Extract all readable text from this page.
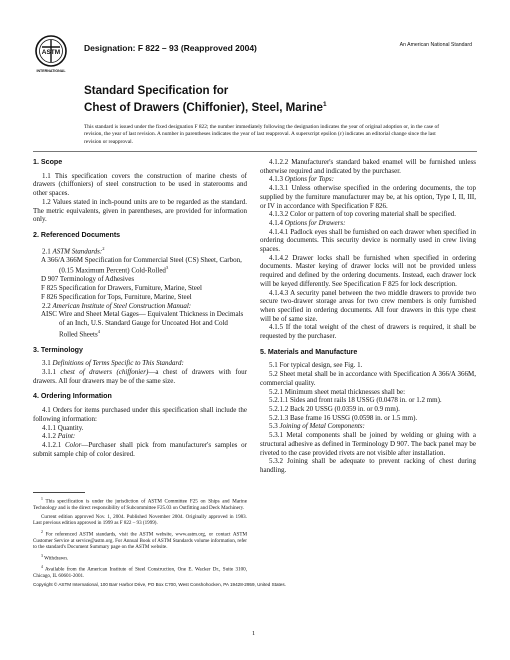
ASTM
INTERNATIONAL
Designation: F 822 – 93 (Reapproved 2004)	An American National Standard
Standard Specification for
Chest of Drawers (Chiffonier), Steel, Marine$^1$
This standard is issued under the fixed designation F 822; the number immediately following the designation indicates the year of original adoption or, in the case of revision, the year of last revision. A number in parentheses indicates the year of last reapproval. A superscript epsilon (ε) indicates an editorial change since the last revision or reapproval.
1. Scope

1.1 This specification covers the construction of marine chests of drawers (chiffoniers) of steel construction to be used in staterooms and other spaces.

1.2 Values stated in inch-pound units are to be regarded as the standard. The metric equivalents, given in parentheses, are provided for information only.

2. Referenced Documents

2.1 ASTM Standards:$^2$

A 366/A 366M Specification for Commercial Steel (CS) Sheet, Carbon, (0.15 Maximum Percent) Cold-Rolled$^3$

D 907 Terminology of Adhesives

F 825 Specification for Drawers, Furniture, Marine, Steel

F 826 Specification for Tops, Furniture, Marine, Steel

2.2 American Institute of Steel Construction Manual:

AISC Wire and Sheet Metal Gages— Equivalent Thickness in Decimals of an Inch, U.S. Standard Gauge for Uncoated Hot and Cold Rolled Sheets$^4$

3. Terminology

3.1 Definitions of Terms Specific to This Standard:

3.1.1 chest of drawers (chiffonier)—a chest of drawers with four drawers. All four drawers may be of the same size.

4. Ordering Information

4.1 Orders for items purchased under this specification shall include the following information:

4.1.1 Quantity.

4.1.2 Paint:

4.1.2.1 Color—Purchaser shall pick from manufacturer's samples or submit sample chip of color desired.

$^1$ This specification is under the jurisdiction of ASTM Committee F25 on Ships and Marine Technology and is the direct responsibility of Subcommittee F25.03 on Outfitting and Deck Machinery.

Current edition approved Nov. 1, 2004. Published November 2004. Originally approved in 1983. Last previous edition approved in 1999 as F 822 – 93 (1999).

$^2$ For referenced ASTM standards, visit the ASTM website, www.astm.org, or contact ASTM Customer Service at service@astm.org. For Annual Book of ASTM Standards volume information, refer to the standard's Document Summary page on the ASTM website.

$^3$ Withdrawn.

$^4$ Available from the American Institute of Steel Construction, One E. Wacker Dr., Suite 3100, Chicago, IL 60601-2001.

4.1.2.2 Manufacturer's standard baked enamel will be furnished unless otherwise required and indicated by the purchaser.

4.1.3 Options for Tops:

4.1.3.1 Unless otherwise specified in the ordering documents, the top supplied by the furniture manufacturer may be, at his option, Type I, II, III, or IV in accordance with Specification F 826.

4.1.3.2 Color or pattern of top covering material shall be specified.

4.1.4 Options for Drawers:

4.1.4.1 Padlock eyes shall be furnished on each drawer when specified in ordering documents. This security device is normally used in crew living spaces.

4.1.4.2 Drawer locks shall be furnished when specified in ordering documents. Master keying of drawer locks will not be provided unless required and defined by the ordering documents. Instead, each drawer lock will be keyed differently. See Specification F 825 for lock description.

4.1.4.3 A security panel between the two middle drawers to provide two secure two-drawer storage areas for two crew members is only furnished when specified in ordering documents. All four drawers in this type chest will be of same size.

4.1.5 If the total weight of the chest of drawers is required, it shall be requested by the purchaser.

5. Materials and Manufacture

5.1 For typical design, see Fig. 1.

5.2 Sheet metal shall be in accordance with Specification A 366/A 366M, commercial quality.

5.2.1 Minimum sheet metal thicknesses shall be:

5.2.1.1 Sides and front rails 18 USSG (0.0478 in. or 1.2 mm).

5.2.1.2 Back 20 USSG (0.0359 in. or 0.9 mm).

5.2.1.3 Base frame 16 USSG (0.0598 in. or 1.5 mm).

5.3 Joining of Metal Components:

5.3.1 Metal components shall be joined by welding or gluing with a structural adhesive as defined in Terminology D 907. The back panel may be riveted to the case provided rivets are not visible after installation.

5.3.2 Joining shall be adequate to prevent racking of chest during handling.

Copyright © ASTM International, 100 Barr Harbor Drive, PO Box C700, West Conshohocken, PA 19428-2959, United States.
1
